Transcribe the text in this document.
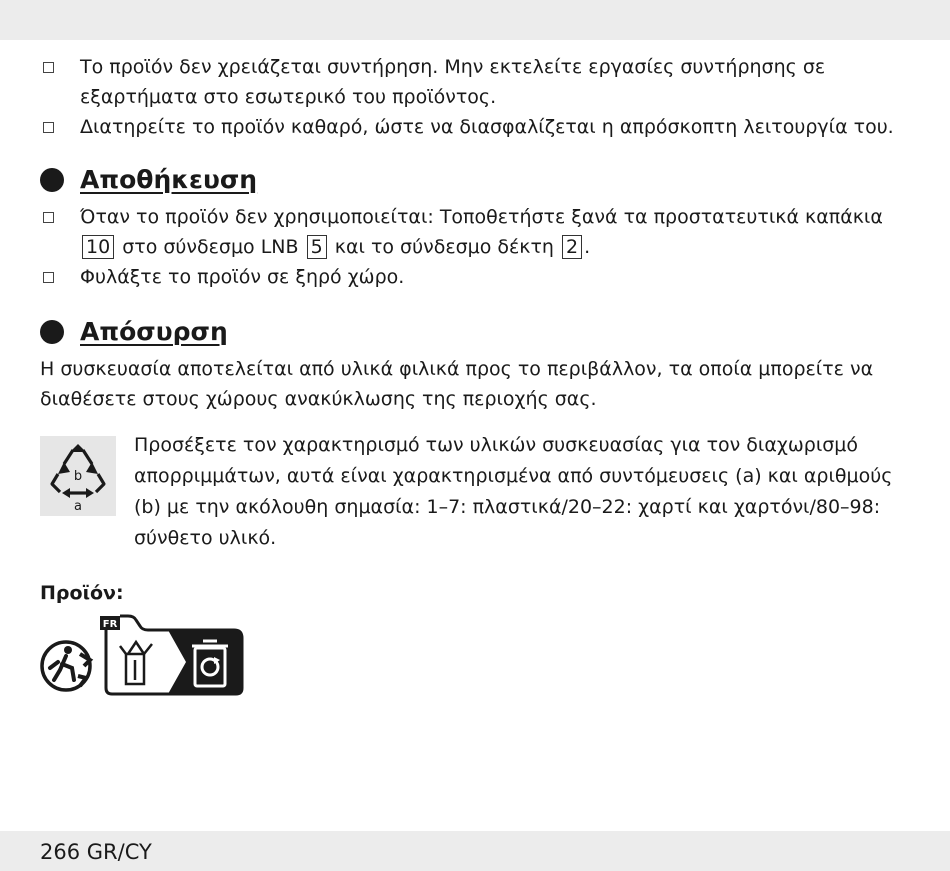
Το προϊόν δεν χρειάζεται συντήρηση. Μην εκτελείτε εργασίες συντήρησης σε εξαρτήματα στο εσωτερικό του προϊόντος.

Διατηρείτε το προϊόν καθαρό, ώστε να διασφαλίζεται η απρόσκοπτη λειτουργία του.

Αποθήκευση

Όταν το προϊόν δεν χρησιμοποιείται: Τοποθετήστε ξανά τα προστατευτικά καπάκια 10 στο σύνδεσμο LNB 5 και το σύνδεσμο δέκτη 2 .

Φυλάξτε το προϊόν σε ξηρό χώρο.

Απόσυρση

Η συσκευασία αποτελείται από υλικά φιλικά προς το περιβάλλον, τα οποία μπορείτε να διαθέσετε στους χώρους ανακύκλωσης της περιοχής σας.

b
a
Προσέξετε τον χαρακτηρισμό των υλικών συσκευασίας για τον διαχωρισμό απορριμμάτων, αυτά είναι χαρακτηρισμένα από συντόμευσεις (a) και αριθμούς (b) με την ακόλουθη σημασία: 1–7: πλαστικά/20–22: χαρτί και χαρτόνι/80–98: σύνθετο υλικό.
Προϊόν:
FR
266 GR/CY
